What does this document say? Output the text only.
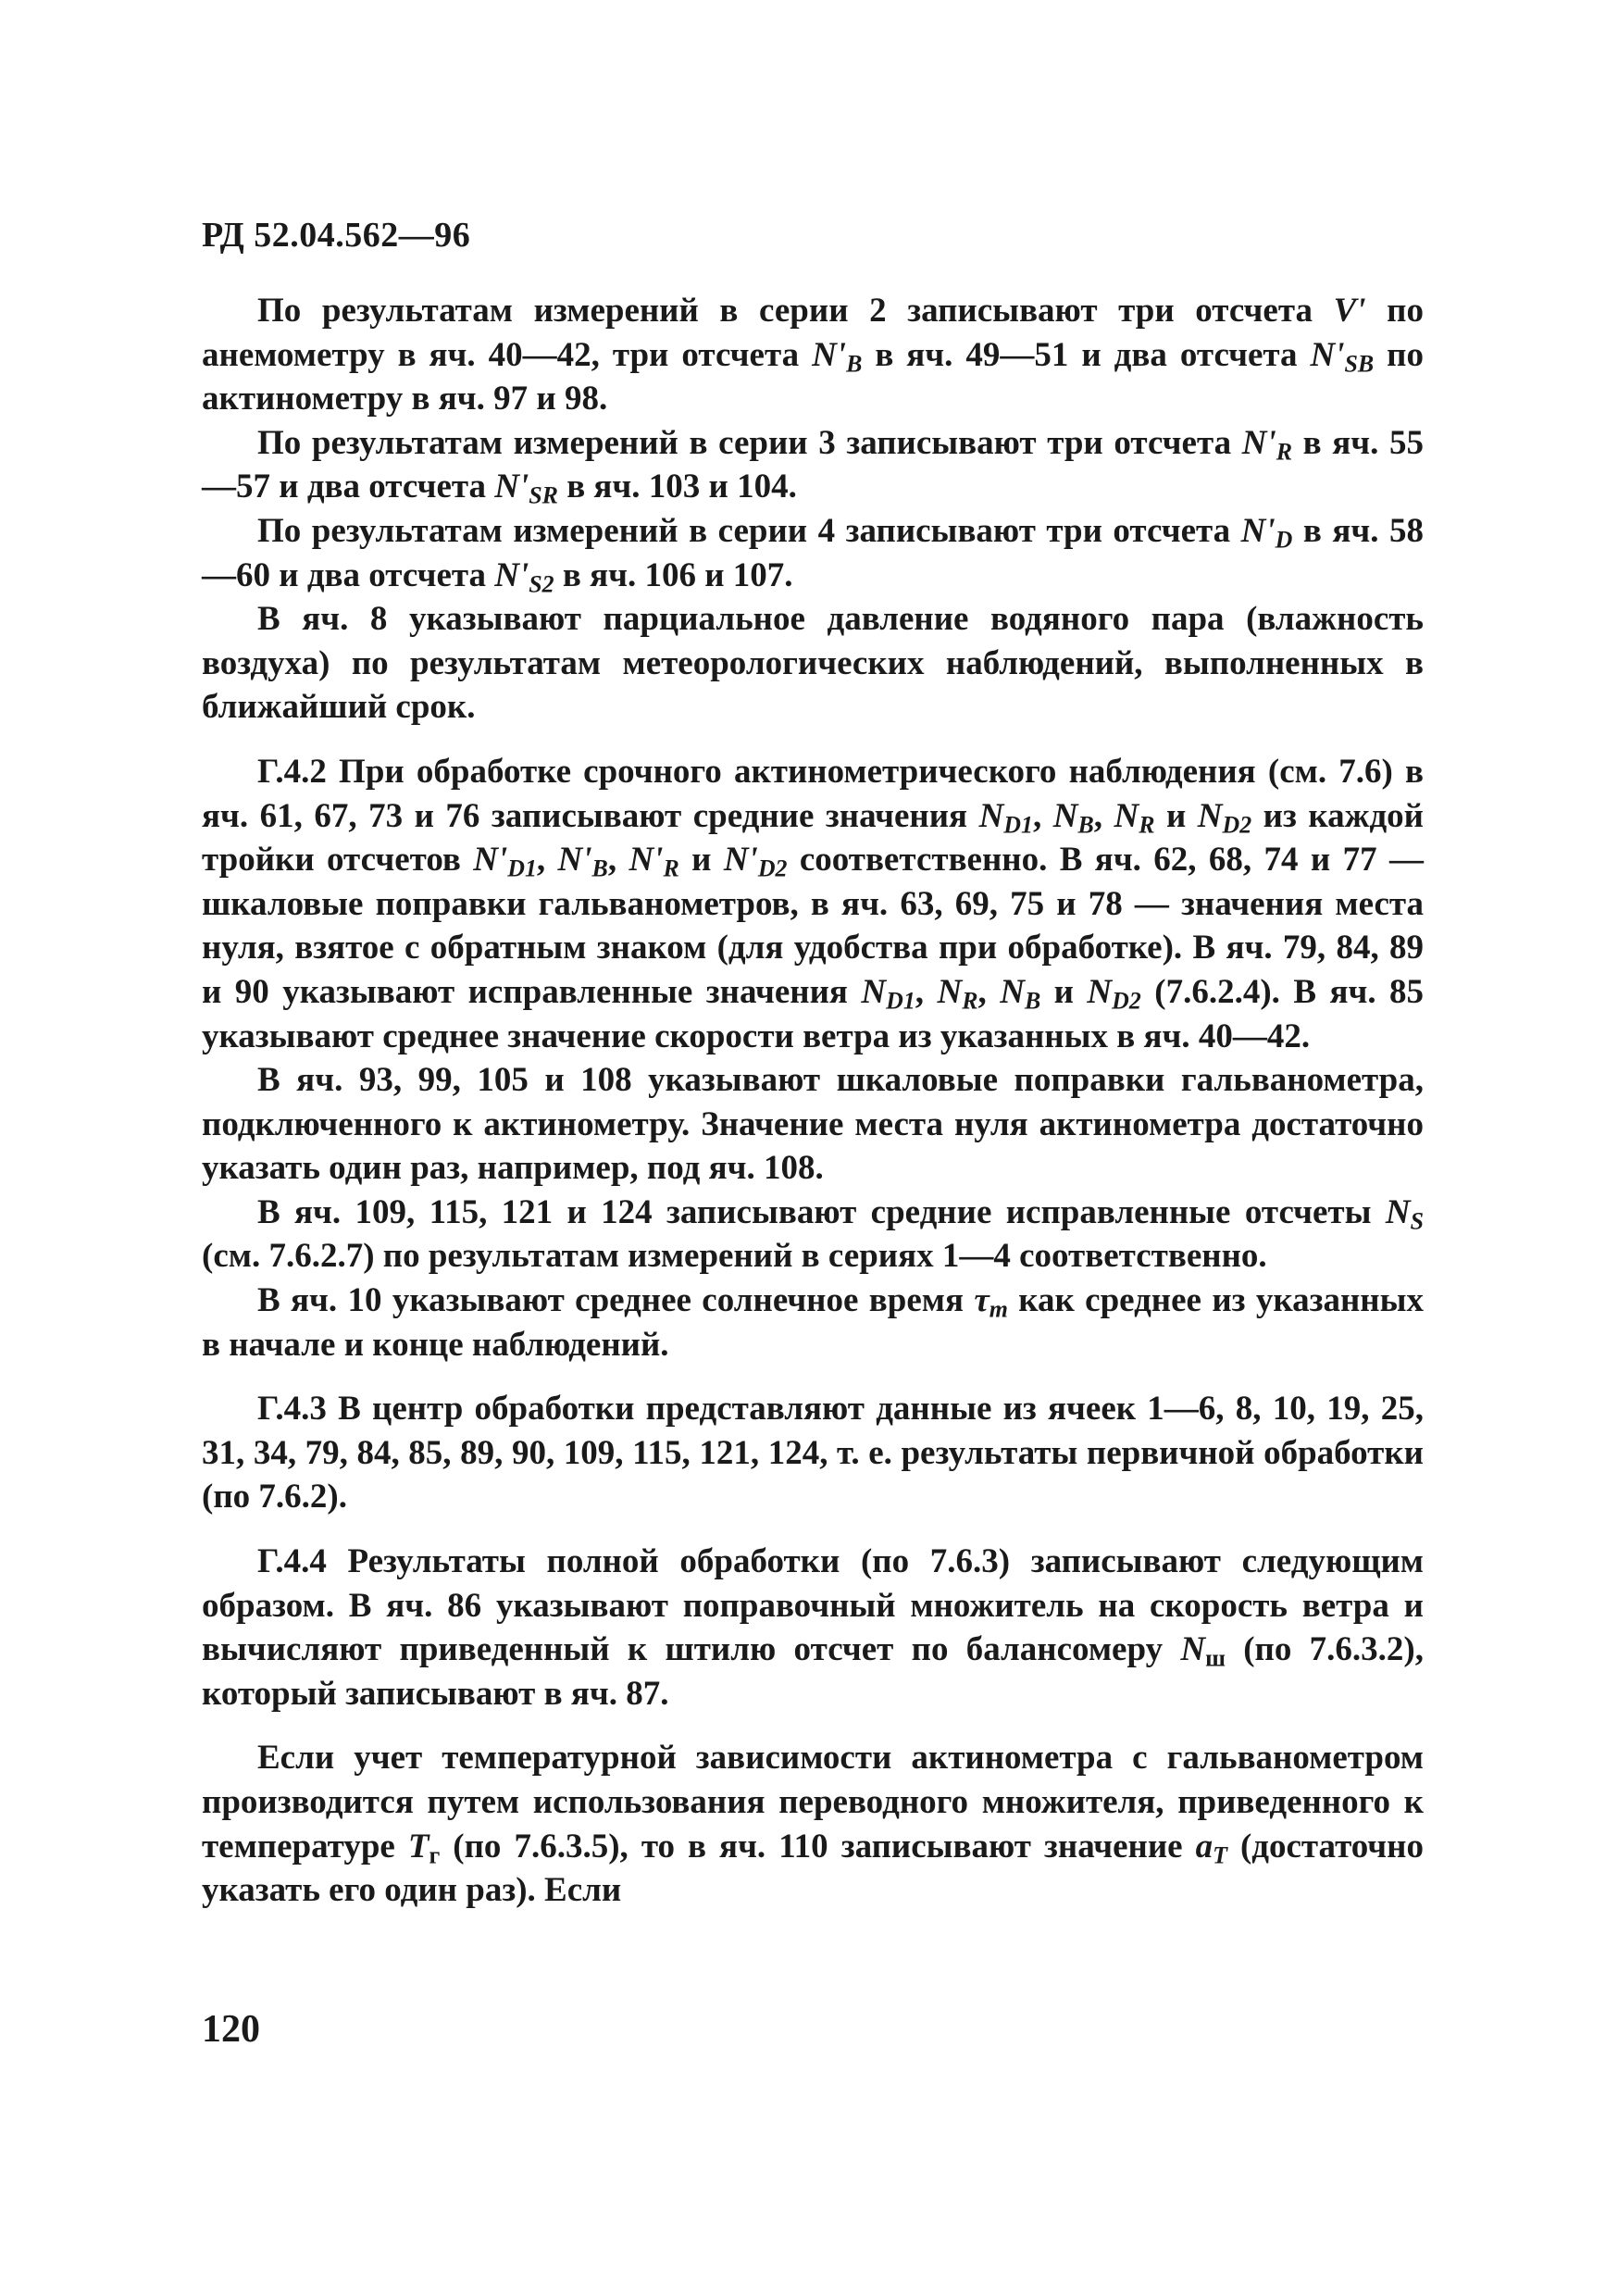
РД 52.04.562—96

По результатам измерений в серии 2 записывают три отсчета V' по анемометру в яч. 40—42, три отсчета $N'_B$ в яч. 49—51 и два отсчета $N'_{SB}$ по актинометру в яч. 97 и 98.

По результатам измерений в серии 3 записывают три отсчета $N'_R$ в яч. 55—57 и два отсчета $N'_{SR}$ в яч. 103 и 104.

По результатам измерений в серии 4 записывают три отсчета $N'_D$ в яч. 58—60 и два отсчета $N'_{S2}$ в яч. 106 и 107.

В яч. 8 указывают парциальное давление водяного пара (влажность воздуха) по результатам метеорологических наблюдений, выполненных в ближайший срок.

Г.4.2 При обработке срочного актинометрического наблюдения (см. 7.6) в яч. 61, 67, 73 и 76 записывают средние значения $N_{D1}$, $N_B$, $N_R$ и $N_{D2}$ из каждой тройки отсчетов $N'_{D1}$, $N'_B$, $N'_R$ и $N'_{D2}$ соответственно. В яч. 62, 68, 74 и 77 — шкаловые поправки гальванометров, в яч. 63, 69, 75 и 78 — значения места нуля, взятое с обратным знаком (для удобства при обработке). В яч. 79, 84, 89 и 90 указывают исправленные значения $N_{D1}$, $N_R$, $N_B$ и $N_{D2}$ (7.6.2.4). В яч. 85 указывают среднее значение скорости ветра из указанных в яч. 40—42.

В яч. 93, 99, 105 и 108 указывают шкаловые поправки гальванометра, подключенного к актинометру. Значение места нуля актинометра достаточно указать один раз, например, под яч. 108.

В яч. 109, 115, 121 и 124 записывают средние исправленные отсчеты $N_S$ (см. 7.6.2.7) по результатам измерений в сериях 1—4 соответственно.

В яч. 10 указывают среднее солнечное время $\tau_m$ как среднее из указанных в начале и конце наблюдений.

Г.4.3 В центр обработки представляют данные из ячеек 1—6, 8, 10, 19, 25, 31, 34, 79, 84, 85, 89, 90, 109, 115, 121, 124, т. е. результаты первичной обработки (по 7.6.2).

Г.4.4 Результаты полной обработки (по 7.6.3) записывают следующим образом. В яч. 86 указывают поправочный множитель на скорость ветра и вычисляют приведенный к штилю отсчет по балансомеру $N_ш$ (по 7.6.3.2), который записывают в яч. 87.

Если учет температурной зависимости актинометра с гальванометром производится путем использования переводного множителя, приведенного к температуре $T_г$ (по 7.6.3.5), то в яч. 110 записывают значение $a_T$ (достаточно указать его один раз). Если

120
